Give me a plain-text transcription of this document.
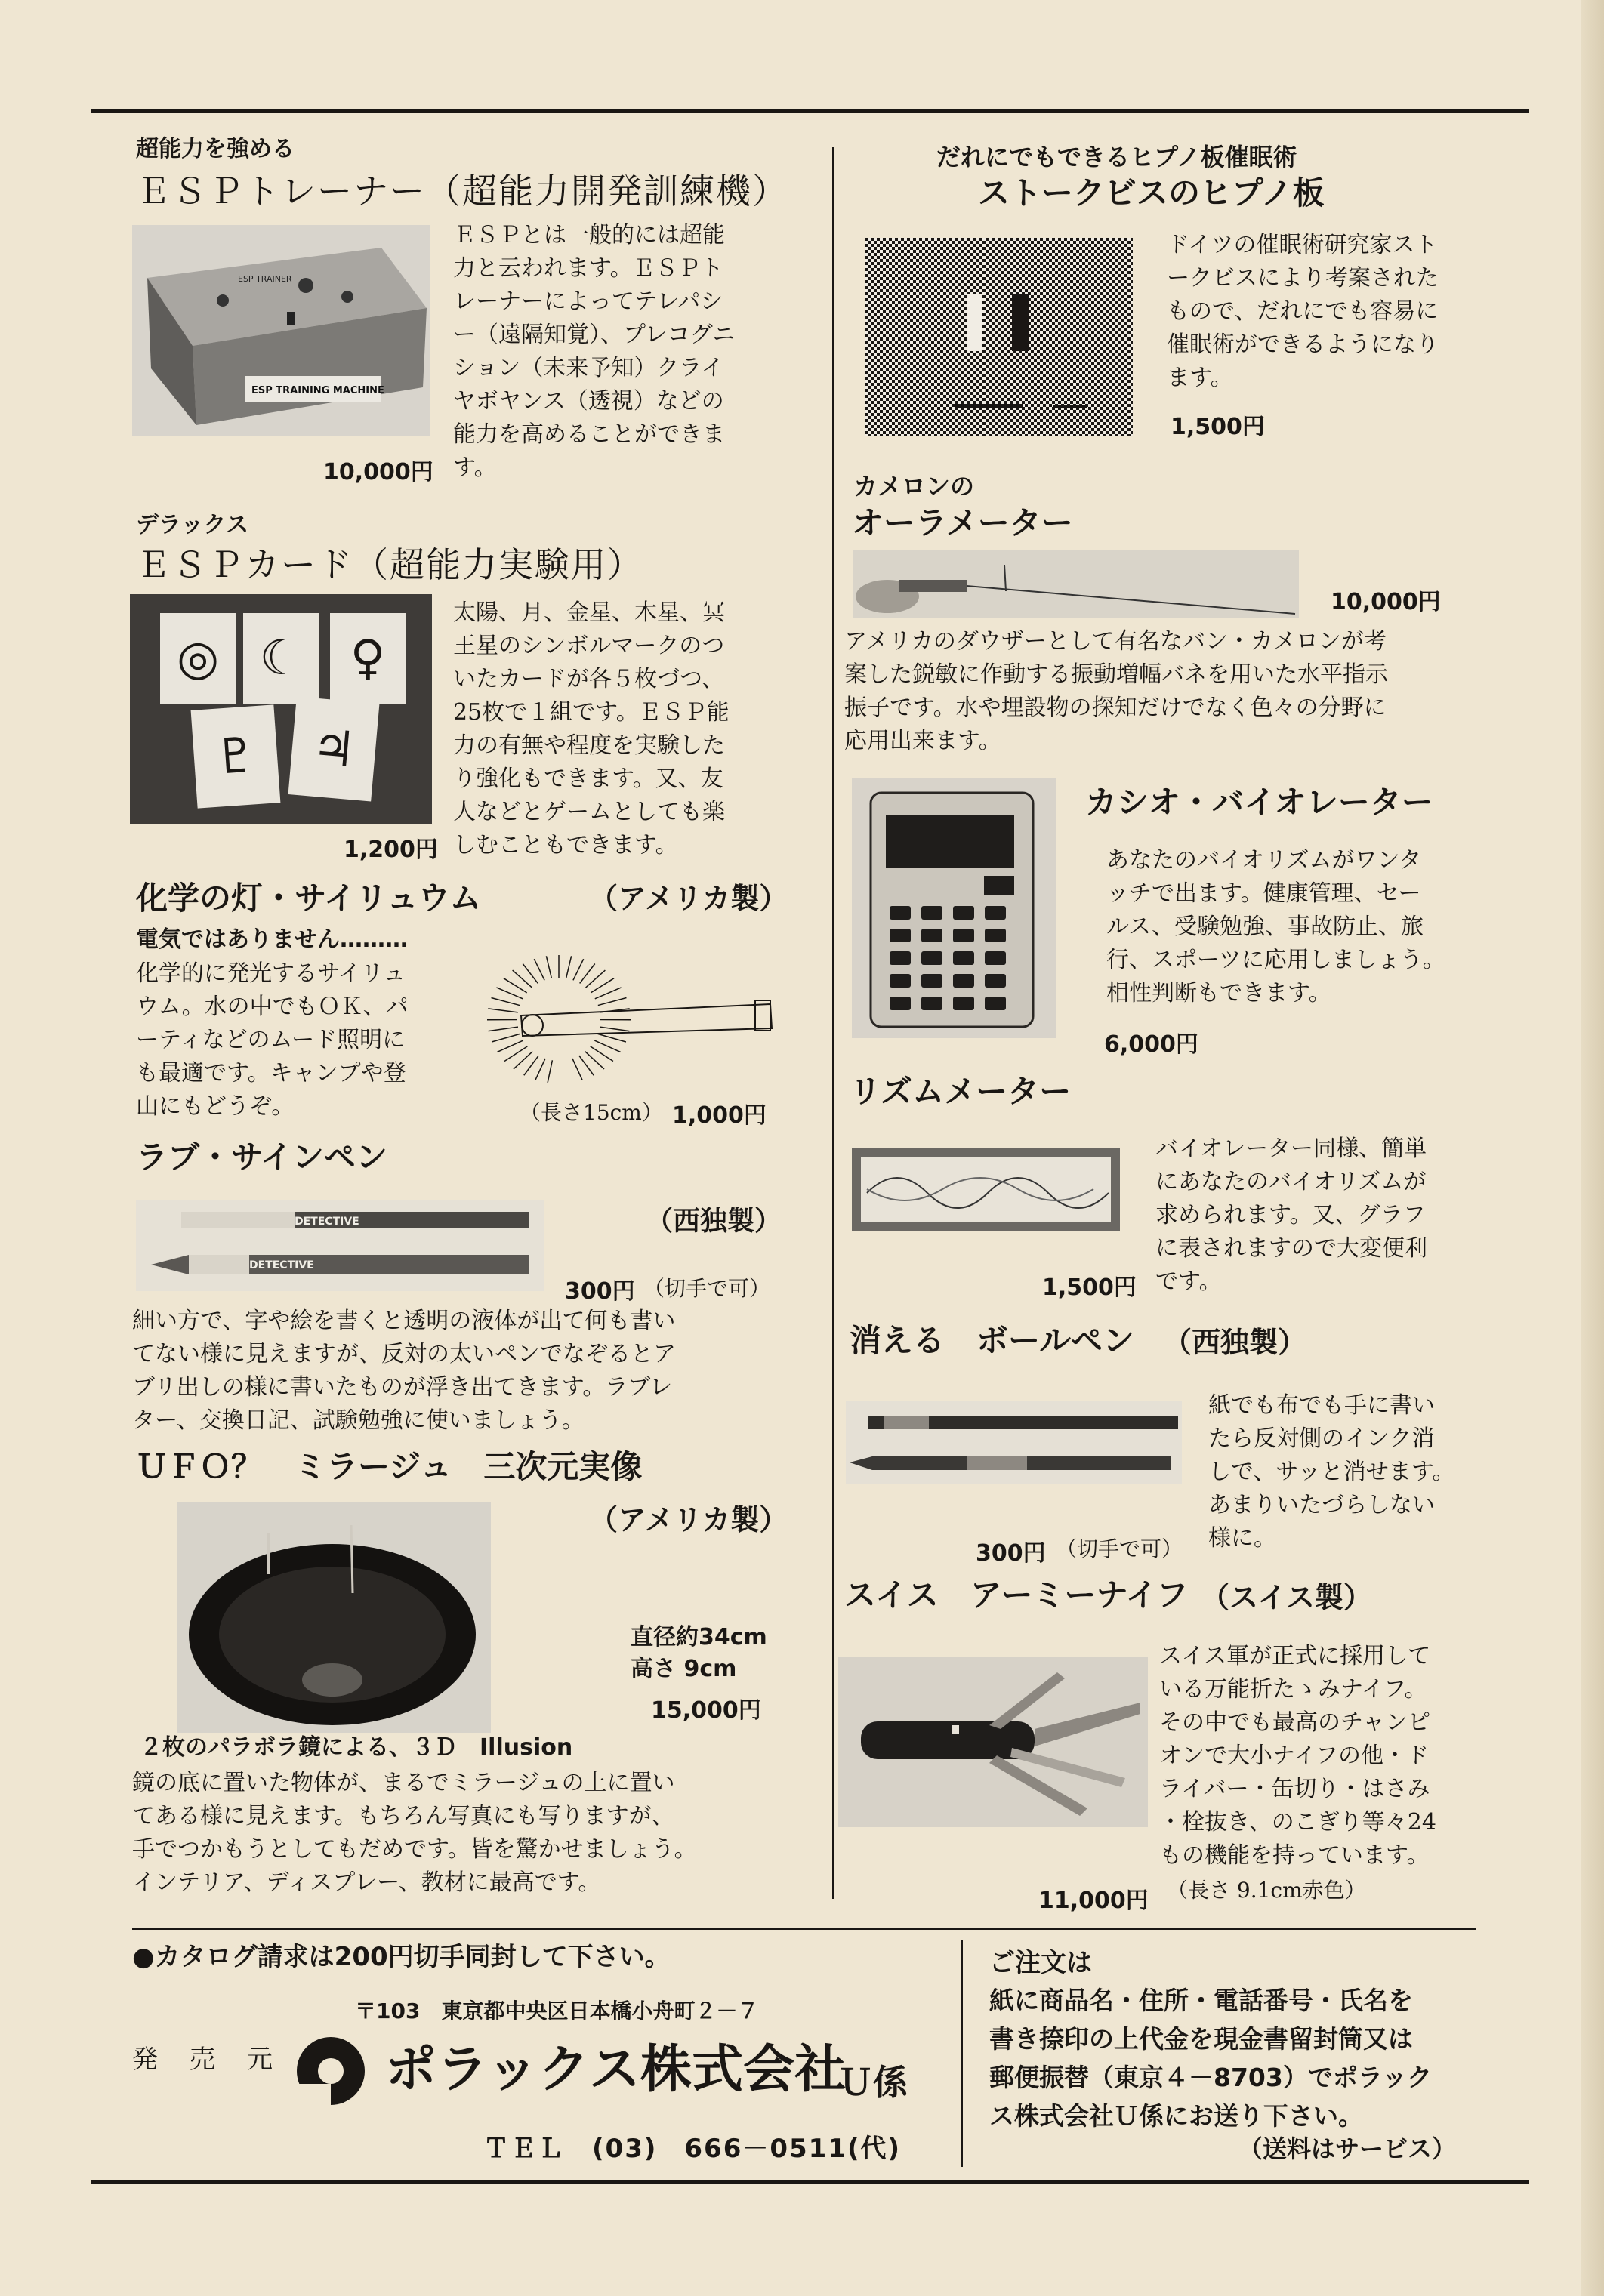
超能力を強める
ＥＳＰトレーナー（超能力開発訓練機）
ESP TRAINER
ESP TRAINING MACHINE

ＥＳＰとは一般的には超能

力と云われます。ＥＳＰト

レーナーによってテレパシ

ー（遠隔知覚）、プレコグニ

ション（未来予知）クライ

ヤボヤンス（透視）などの

能力を高めることができま

す。

10,000円
デラックス
ＥＳＰカード（超能力実験用）
◎ ☾ ♀
♇	♃

太陽、月、金星、木星、冥

王星のシンボルマークのつ

いたカードが各５枚づつ、

25枚で１組です。ＥＳＰ能

力の有無や程度を実験した

り強化もできます。又、友

人などとゲームとしても楽

しむこともできます。

1,200円
化学の灯・サイリュウム	（アメリカ製）
電気ではありません………

化学的に発光するサイリュ

ウム。水の中でもＯＫ、パ

ーティなどのムード照明に

も最適です。キャンプや登

山にもどうぞ。	（長さ15cm） 1,000円
ラブ・サインペン
DETECTIVE
DETECTIVE
（西独製）
300円 （切手で可）

細い方で、字や絵を書くと透明の液体が出て何も書い

てない様に見えますが、反対の太いペンでなぞるとア

ブリ出しの様に書いたものが浮き出てきます。ラブレ

ター、交換日記、試験勉強に使いましょう。

ＵＦＯ？　ミラージュ　三次元実像
（アメリカ製）
直径約34cm
高さ 9cm
15,000円
２枚のパラボラ鏡による、３Ｄ　Illusion

鏡の底に置いた物体が、まるでミラージュの上に置い

てある様に見えます。もちろん写真にも写りますが、

手でつかもうとしてもだめです。皆を驚かせましょう。

インテリア、ディスプレー、教材に最高です。

だれにでもできるヒプノ板催眠術
ストークビスのヒプノ板

ドイツの催眠術研究家スト

ークビスにより考案された

もので、だれにでも容易に

催眠術ができるようになり

ます。

1,500円
カメロンの
オーラメーター
10,000円

アメリカのダウザーとして有名なバン・カメロンが考

案した鋭敏に作動する振動増幅バネを用いた水平指示

振子です。水や埋設物の探知だけでなく色々の分野に

応用出来ます。

カシオ・バイオレーター

あなたのバイオリズムがワンタ

ッチで出ます。健康管理、セー

ルス、受験勉強、事故防止、旅

行、スポーツに応用しましょう。

相性判断もできます。

6,000円
リズムメーター

バイオレーター同様、簡単

にあなたのバイオリズムが

求められます。又、グラフ

に表されますので大変便利

です。

1,500円
消える　ボールペン （西独製）

紙でも布でも手に書い

たら反対側のインク消

しで、サッと消せます。

あまりいたづらしない

様に。

300円 （切手で可）
スイス　アーミーナイフ （スイス製）

スイス軍が正式に採用して

いる万能折たゝみナイフ。

その中でも最高のチャンピ

オンで大小ナイフの他・ド

ライバー・缶切り・はさみ

・栓抜き、のこぎり等々24

もの機能を持っています。

11,000円 （長さ 9.1cm赤色）
●カタログ請求は200円切手同封して下さい。
〒103　東京都中央区日本橋小舟町２－７
発　売　元 ポラックス株式会社
Ｕ係
ＴＥＬ　(03)　666－0511(代)
ご注文は
紙に商品名・住所・電話番号・氏名を
書き捺印の上代金を現金書留封筒又は
郵便振替（東京４－8703）でポラック
ス株式会社Ｕ係にお送り下さい。
（送料はサービス）
